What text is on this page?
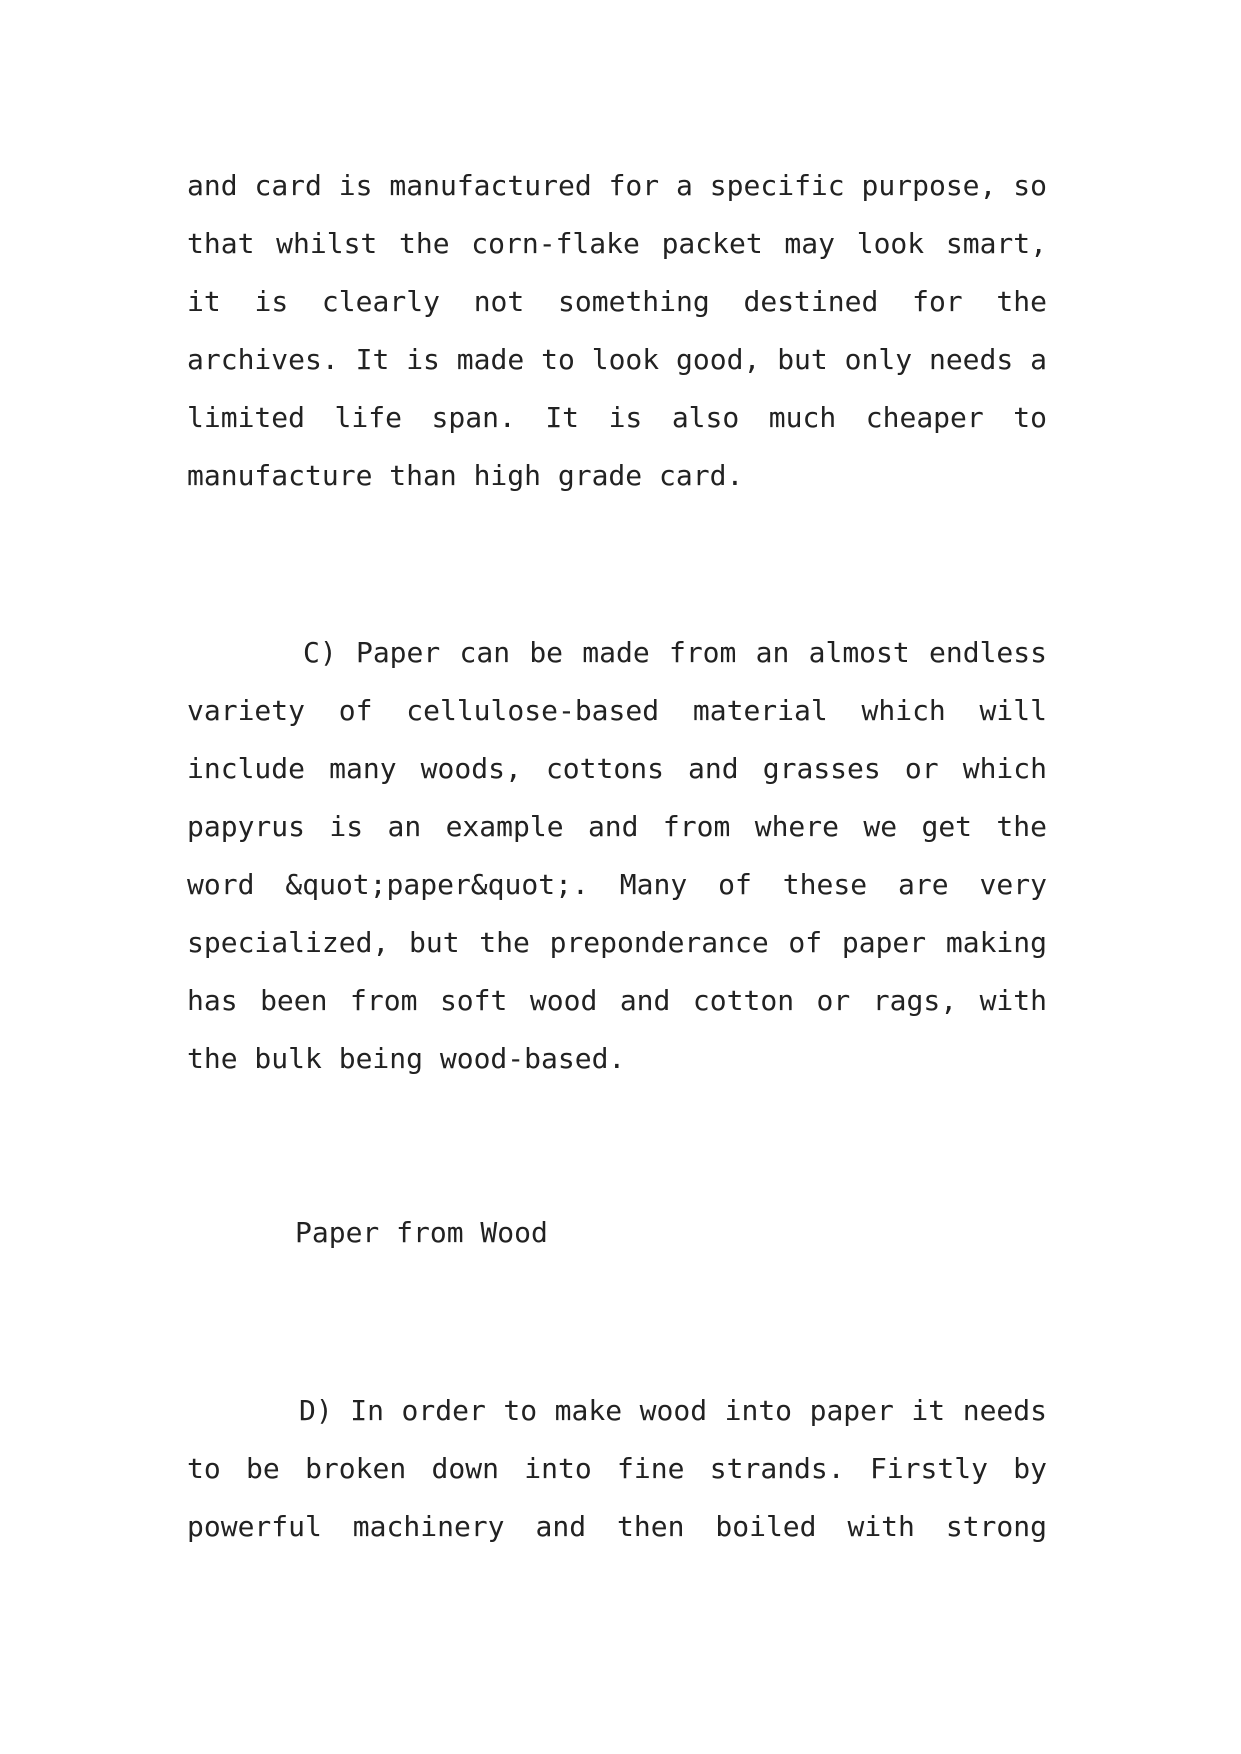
and card is manufactured for a specific purpose, so that whilst the corn-flake packet may look smart, it is clearly not something destined for the archives. It is made to look good, but only needs a limited life span. It is also much cheaper to manufacture than high grade card.

C) Paper can be made from an almost endless variety of cellulose-based material which will include many woods, cottons and grasses or which papyrus is an example and from where we get the word &quot;paper&quot;. Many of these are very specialized, but the preponderance of paper making has been from soft wood and cotton or rags, with the bulk being wood-based.

Paper from Wood

D) In order to make wood into paper it needs to be broken down into fine strands. Firstly by powerful machinery and then boiled with strong
